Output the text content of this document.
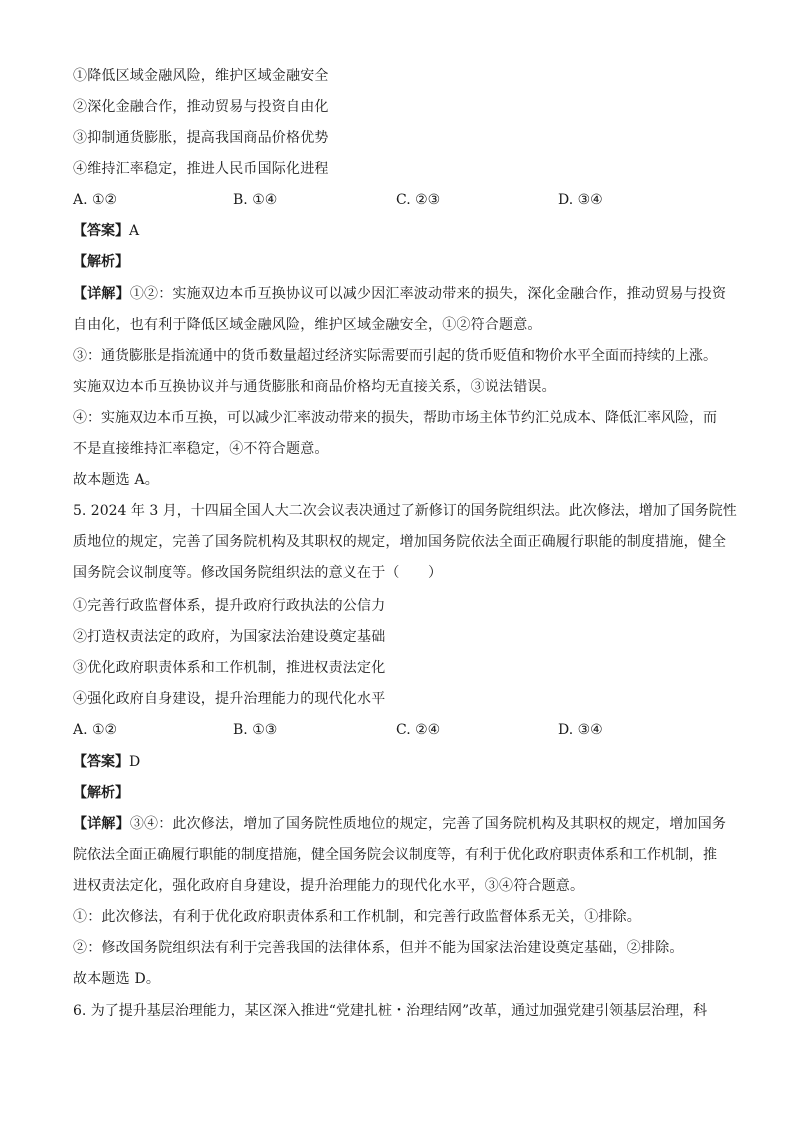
①降低区域金融风险，维护区域金融安全
②深化金融合作，推动贸易与投资自由化
③抑制通货膨胀，提高我国商品价格优势
④维持汇率稳定，推进人民币国际化进程
A. ①②	B. ①④	C. ②③	D. ③④
【答案】A
【解析】
【详解】①②：实施双边本币互换协议可以减少因汇率波动带来的损失，深化金融合作，推动贸易与投资
自由化，也有利于降低区域金融风险，维护区域金融安全，①②符合题意。
③：通货膨胀是指流通中的货币数量超过经济实际需要而引起的货币贬值和物价水平全面而持续的上涨。
实施双边本币互换协议并与通货膨胀和商品价格均无直接关系，③说法错误。
④：实施双边本币互换，可以减少汇率波动带来的损失，帮助市场主体节约汇兑成本、降低汇率风险，而
不是直接维持汇率稳定，④不符合题意。
故本题选 A。
5. 2024 年 3 月，十四届全国人大二次会议表决通过了新修订的国务院组织法。此次修法，增加了国务院性
质地位的规定，完善了国务院机构及其职权的规定，增加国务院依法全面正确履行职能的制度措施，健全
国务院会议制度等。修改国务院组织法的意义在于（　　）
①完善行政监督体系，提升政府行政执法的公信力
②打造权责法定的政府，为国家法治建设奠定基础
③优化政府职责体系和工作机制，推进权责法定化
④强化政府自身建设，提升治理能力的现代化水平
A. ①②	B. ①③	C. ②④	D. ③④
【答案】D
【解析】
【详解】③④：此次修法，增加了国务院性质地位的规定，完善了国务院机构及其职权的规定，增加国务
院依法全面正确履行职能的制度措施，健全国务院会议制度等，有利于优化政府职责体系和工作机制，推
进权责法定化，强化政府自身建设，提升治理能力的现代化水平，③④符合题意。
①：此次修法，有利于优化政府职责体系和工作机制，和完善行政监督体系无关，①排除。
②：修改国务院组织法有利于完善我国的法律体系，但并不能为国家法治建设奠定基础，②排除。
故本题选 D。
6. 为了提升基层治理能力，某区深入推进“党建扎桩・治理结网”改革，通过加强党建引领基层治理，科
